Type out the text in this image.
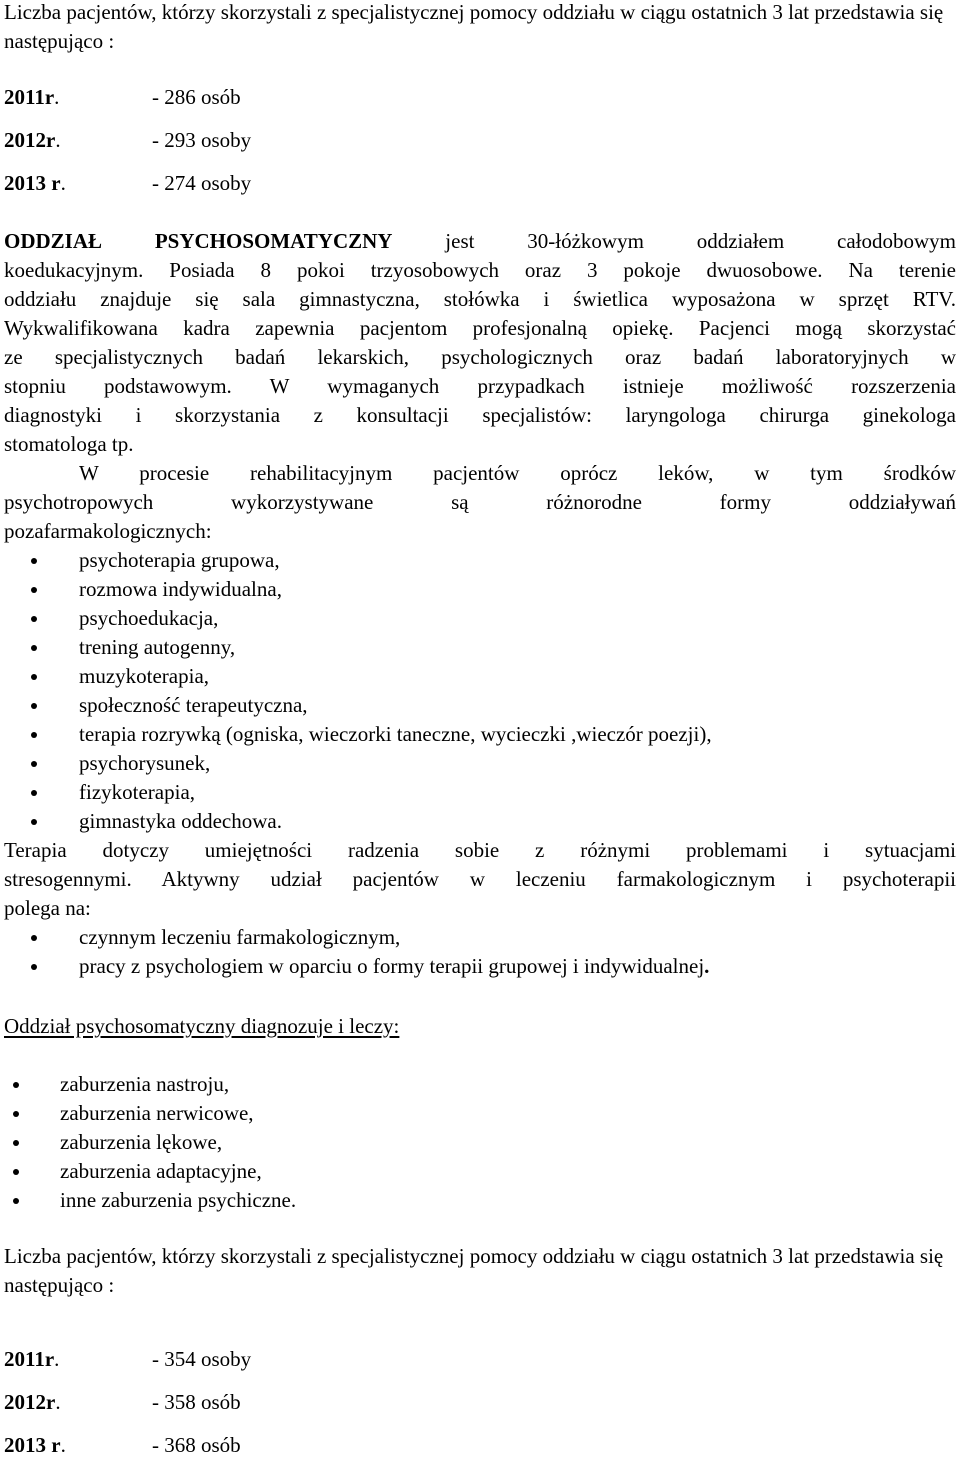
Liczba pacjentów, którzy skorzystali z specjalistycznej pomocy oddziału w ciągu ostatnich 3 lat przedstawia się następująco :

2011r.	- 286 osób
2012r.	- 293 osoby
2013 r.	- 274 osoby

ODDZIAŁ PSYCHOSOMATYCZNY	jest 30-łóżkowym oddziałem całodobowym

koedukacyjnym. Posiada 8 pokoi trzyosobowych oraz 3 pokoje dwuosobowe. Na terenie

oddziału znajduje się sala gimnastyczna, stołówka i świetlica wyposażona w sprzęt RTV.

Wykwalifikowana kadra zapewnia pacjentom profesjonalną opiekę. Pacjenci mogą skorzystać

ze specjalistycznych badań lekarskich, psychologicznych oraz badań laboratoryjnych w

stopniu podstawowym. W wymaganych przypadkach istnieje możliwość rozszerzenia

diagnostyki i skorzystania z konsultacji specjalistów: laryngologa chirurga ginekologa

stomatologa tp.

W procesie rehabilitacyjnym pacjentów oprócz leków, w tym środków

psychotropowych wykorzystywane są różnorodne formy oddziaływań

pozafarmakologicznych:

psychoterapia grupowa,
rozmowa indywidualna,
psychoedukacja,
trening autogenny,
muzykoterapia,
społeczność terapeutyczna,
terapia rozrywką (ogniska, wieczorki taneczne, wycieczki ,wieczór poezji),
psychorysunek,
fizykoterapia,
gimnastyka oddechowa.

Terapia dotyczy umiejętności radzenia sobie z różnymi problemami i sytuacjami

stresogennymi. Aktywny udział pacjentów w leczeniu farmakologicznym i psychoterapii

polega na:

czynnym leczeniu farmakologicznym,
pracy z psychologiem w oparciu o formy terapii grupowej i indywidualnej.

Oddział psychosomatyczny diagnozuje i leczy:

zaburzenia nastroju,
zaburzenia nerwicowe,
zaburzenia lękowe,
zaburzenia adaptacyjne,
inne zaburzenia psychiczne.

Liczba pacjentów, którzy skorzystali z specjalistycznej pomocy oddziału w ciągu ostatnich 3 lat przedstawia się następująco :

2011r.	- 354 osoby
2012r.	- 358 osób
2013 r.	- 368 osób
